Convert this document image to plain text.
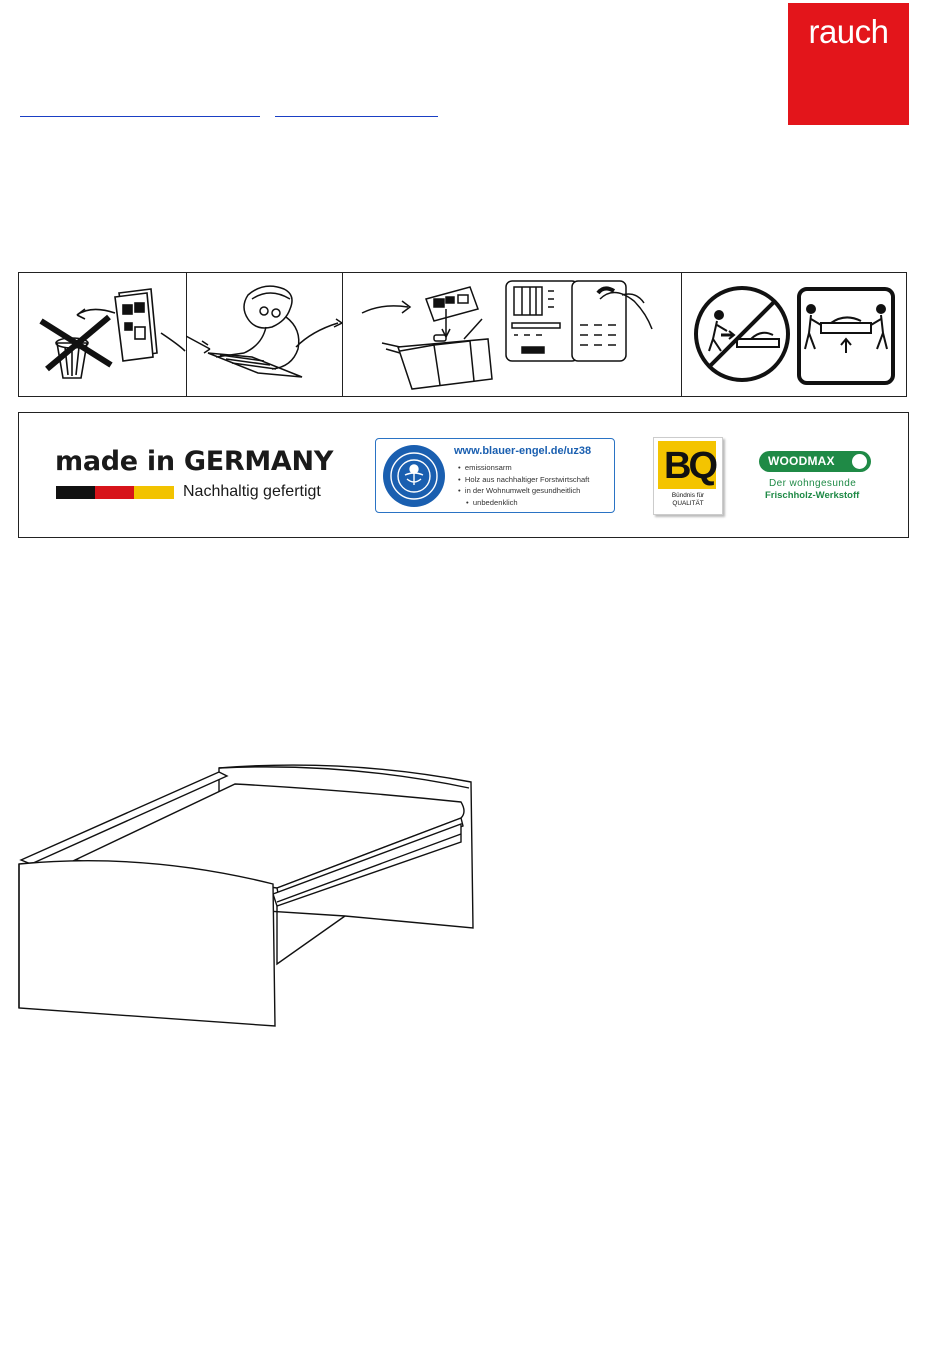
rauch
made in GERMANY
Nachhaltig gefertigt
www.blauer-engel.de/uz38
•  emissionsarm
•  Holz aus nachhaltiger Forstwirtschaft
•  in der Wohnumwelt gesundheitlich
•  unbedenklich
BQ
Bündnis für QUALITÄT
WOODMAX
Der wohngesunde
Frischholz-Werkstoff
